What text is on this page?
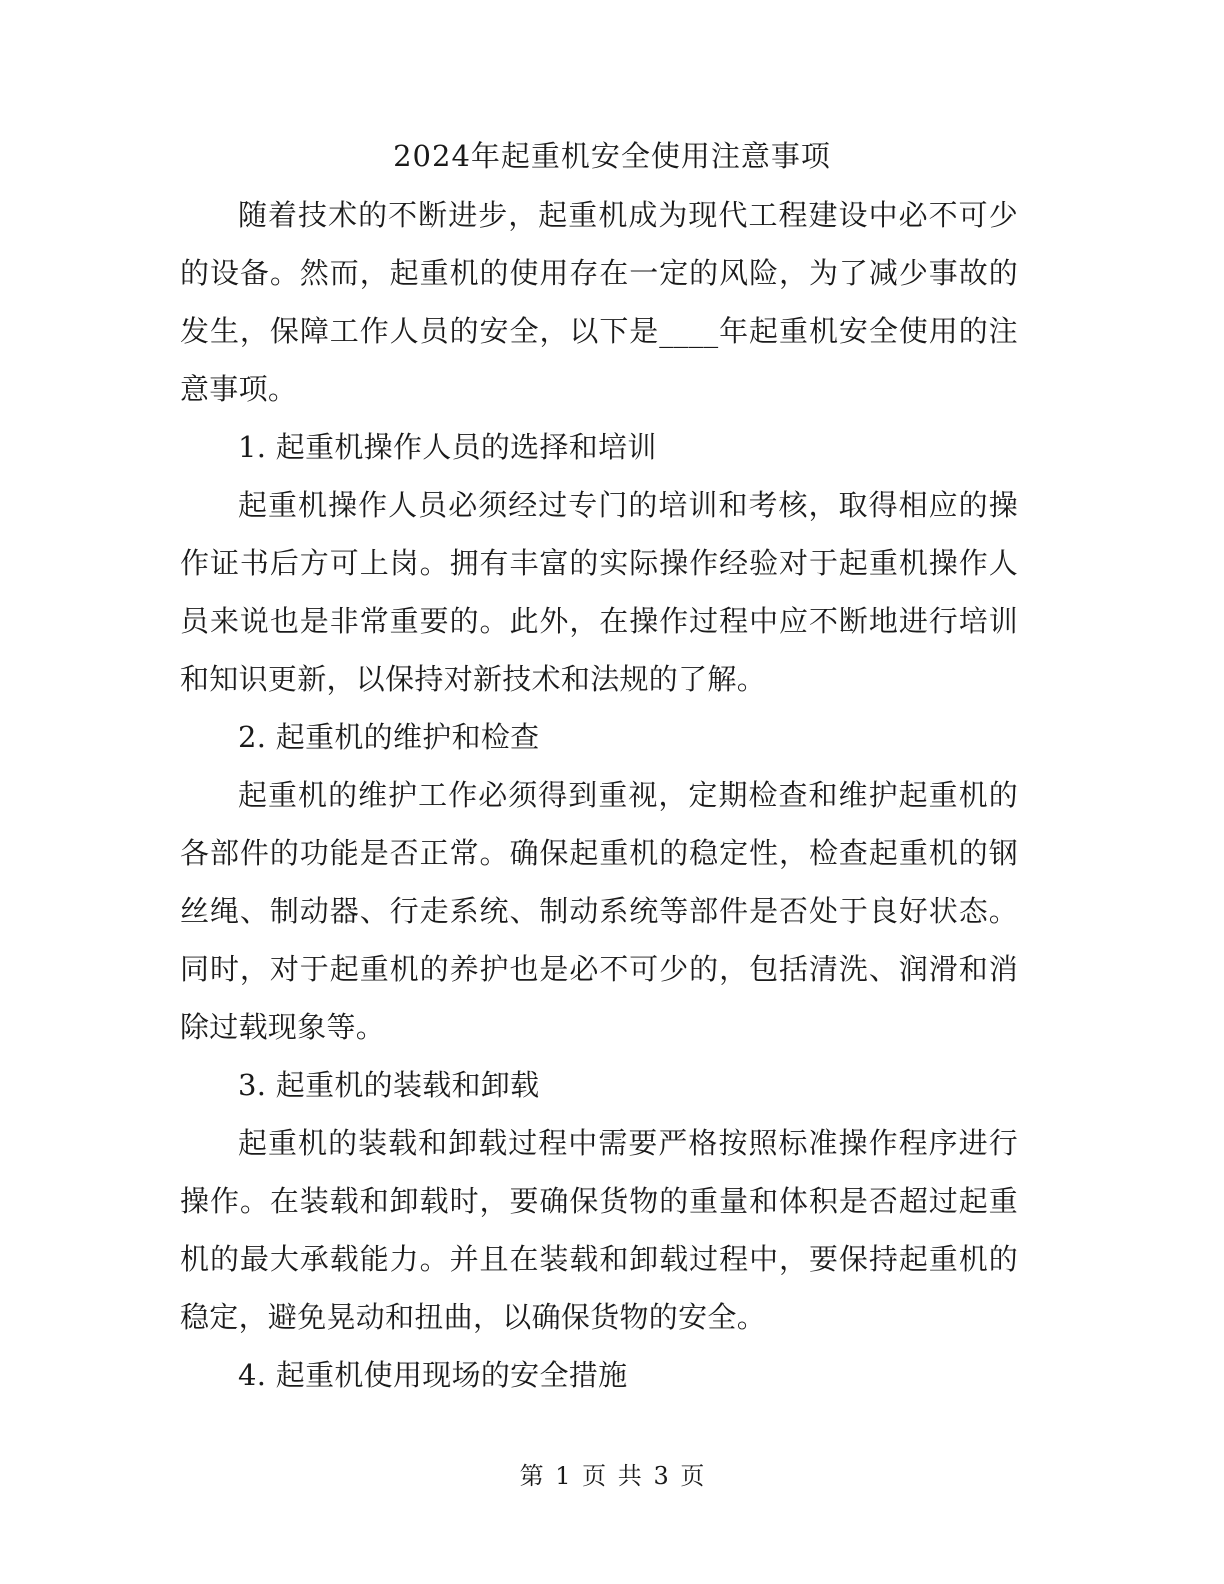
2024年起重机安全使用注意事项

随着技术的不断进步，起重机成为现代工程建设中必不可少的设备。然而，起重机的使用存在一定的风险，为了减少事故的发生，保障工作人员的安全，以下是____年起重机安全使用的注意事项。

1. 起重机操作人员的选择和培训

起重机操作人员必须经过专门的培训和考核，取得相应的操作证书后方可上岗。拥有丰富的实际操作经验对于起重机操作人员来说也是非常重要的。此外，在操作过程中应不断地进行培训和知识更新，以保持对新技术和法规的了解。

2. 起重机的维护和检查

起重机的维护工作必须得到重视，定期检查和维护起重机的各部件的功能是否正常。确保起重机的稳定性，检查起重机的钢丝绳、制动器、行走系统、制动系统等部件是否处于良好状态。同时，对于起重机的养护也是必不可少的，包括清洗、润滑和消除过载现象等。

3. 起重机的装载和卸载

起重机的装载和卸载过程中需要严格按照标准操作程序进行操作。在装载和卸载时，要确保货物的重量和体积是否超过起重机的最大承载能力。并且在装载和卸载过程中，要保持起重机的稳定，避免晃动和扭曲，以确保货物的安全。

4. 起重机使用现场的安全措施

第 1 页 共 3 页
